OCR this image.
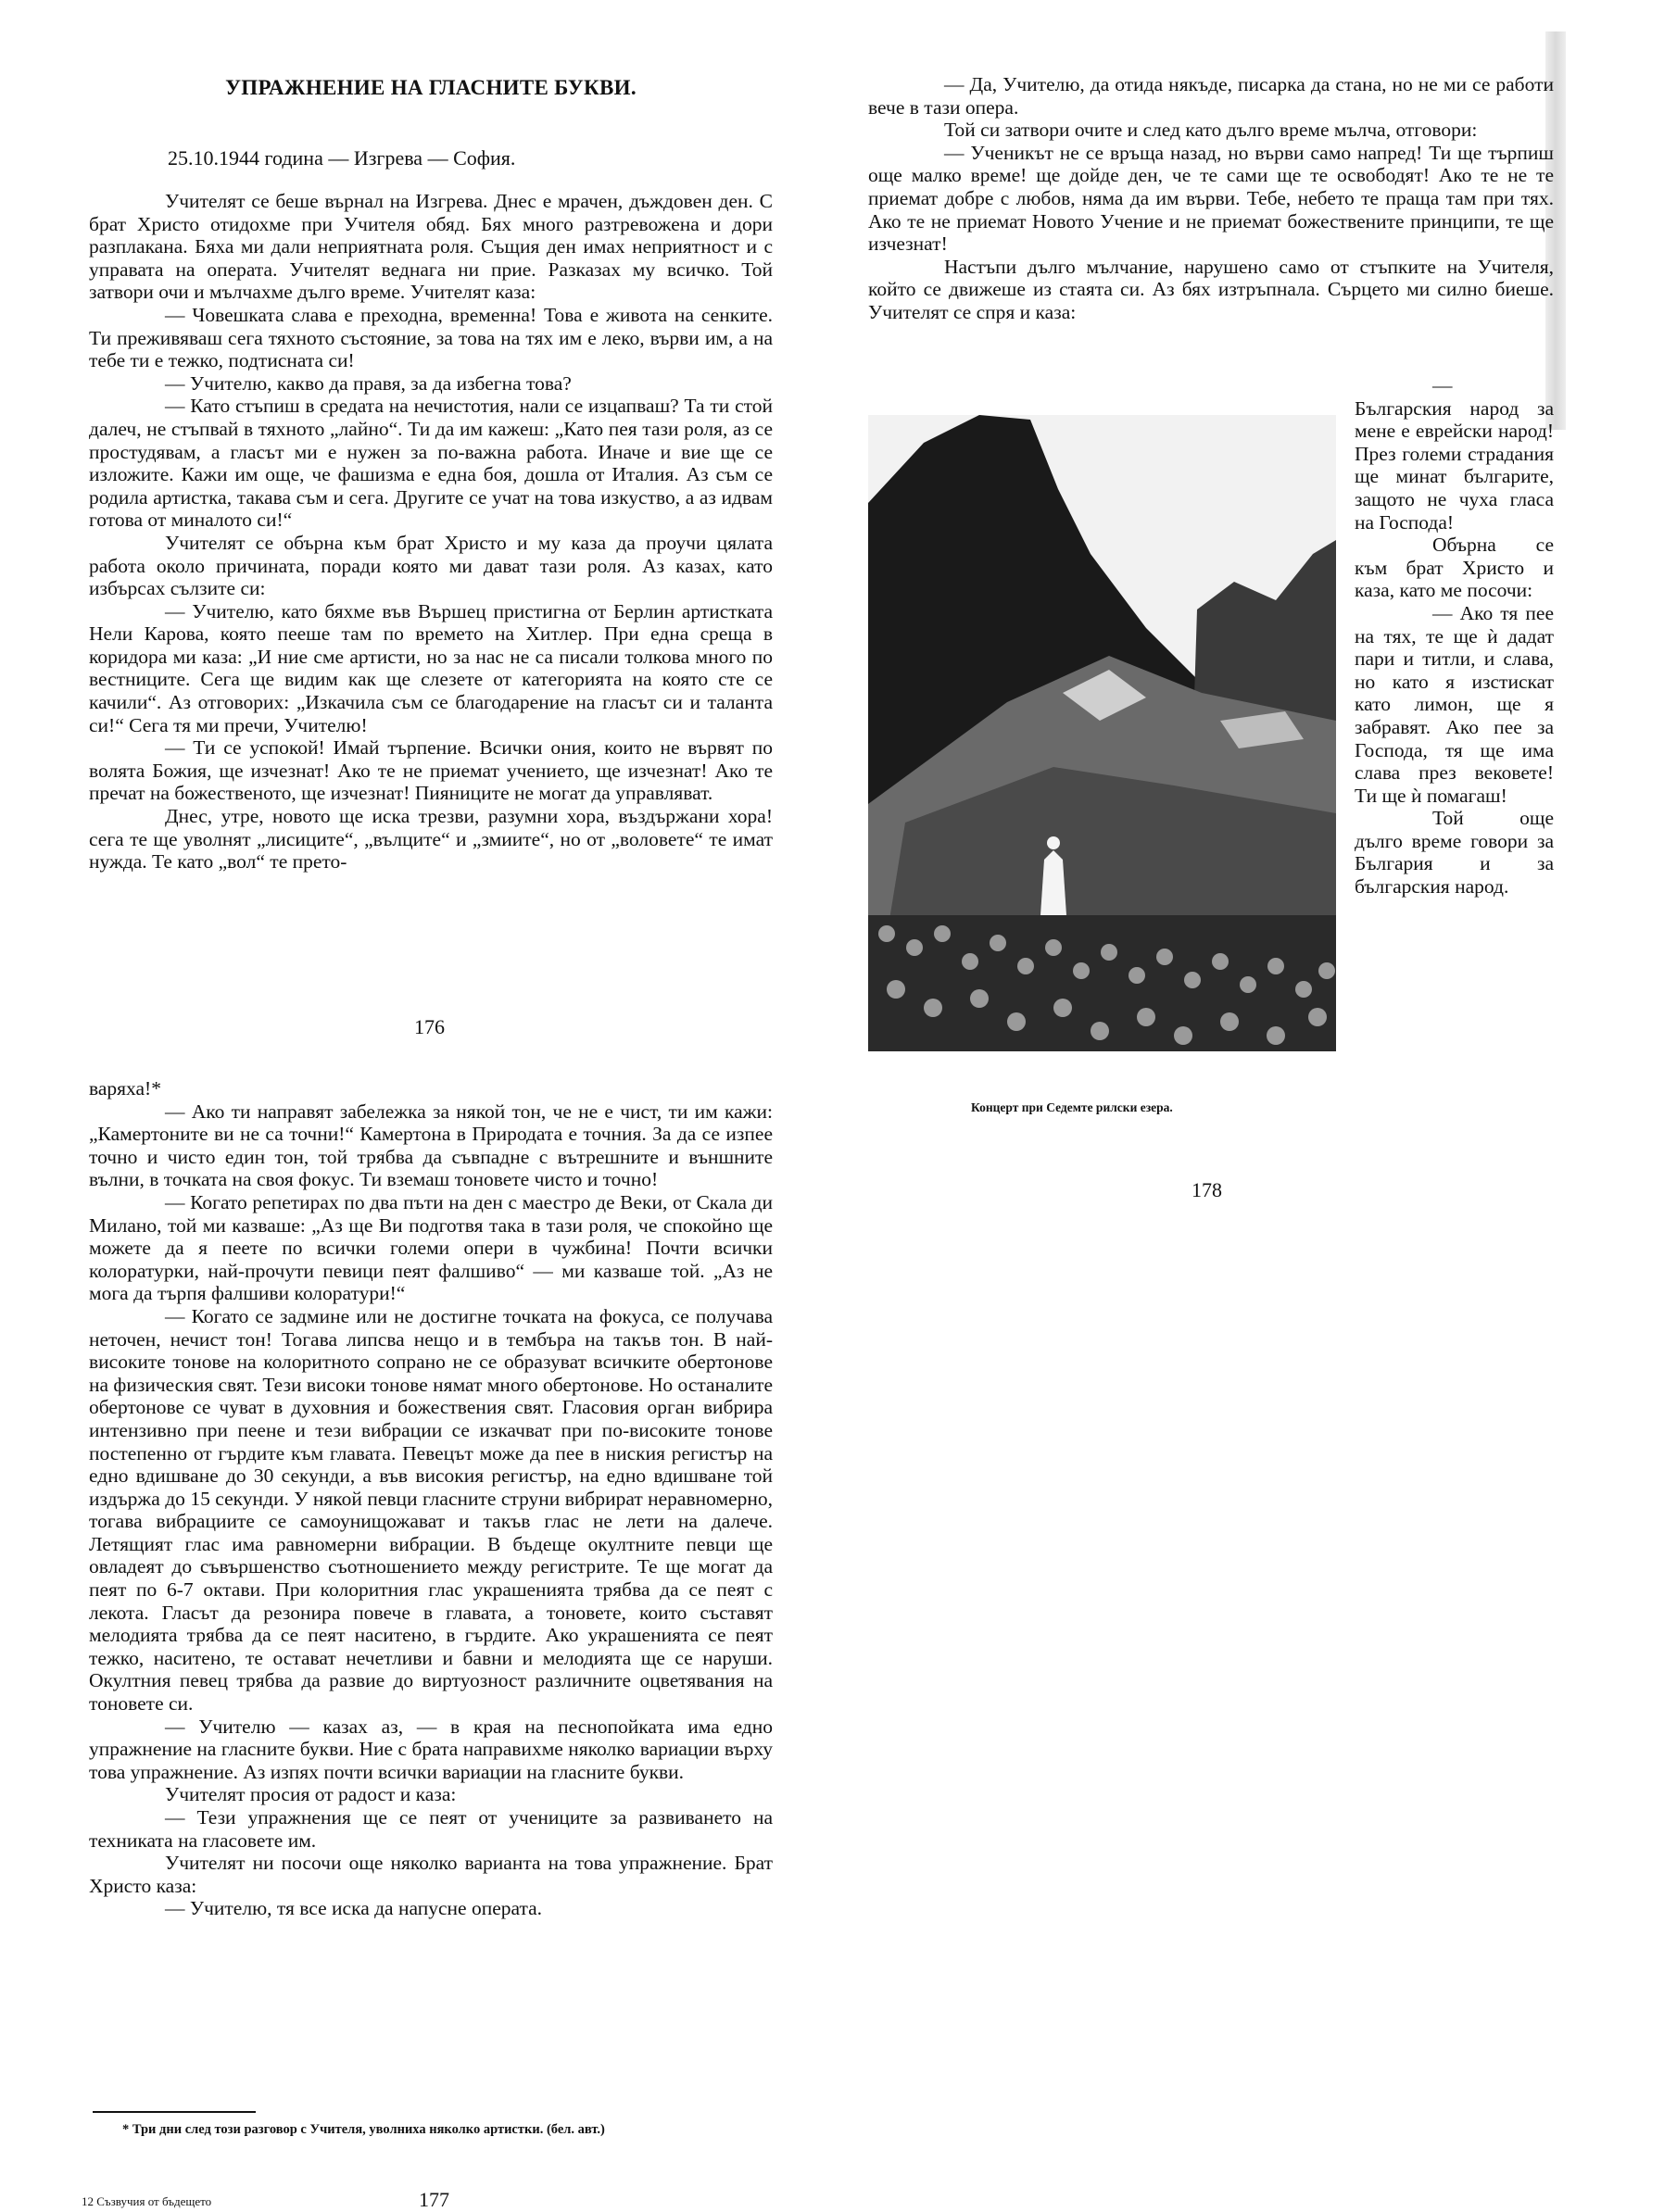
УПРАЖНЕНИЕ НА ГЛАСНИТЕ БУКВИ.
25.10.1944 година — Изгрева — София.

Учителят се беше върнал на Изгрева. Днес е мрачен, дъждовен ден. С брат Христо отидохме при Учителя обяд. Бях много разтревожена и дори разплакана. Бяха ми дали неприятната роля. Същия ден имах неприятност и с управата на операта. Учителят веднага ни прие. Разказах му всичко. Той затвори очи и мълчахме дълго време. Учителят каза:

— Човешката слава е преходна, временна! Това е живота на сенките. Ти преживяваш сега тяхното състояние, за това на тях им е леко, върви им, а на тебе ти е тежко, подтисната си!

— Учителю, какво да правя, за да избегна това?

— Като стъпиш в средата на нечистотия, нали се изцапваш? Та ти стой далеч, не стъпвай в тяхното „лайно“. Ти да им кажеш: „Като пея тази роля, аз се простудявам, а гласът ми е нужен за по-важна работа. Иначе и вие ще се изложите. Кажи им още, че фашизма е една боя, дошла от Италия. Аз съм се родила артистка, такава съм и сега. Другите се учат на това изкуство, а аз идвам готова от миналото си!“

Учителят се обърна към брат Христо и му каза да проучи цялата работа около причината, поради която ми дават тази роля. Аз казах, като избърсах сълзите си:

— Учителю, като бяхме във Вършец пристигна от Берлин артистката Нели Карова, която пееше там по времето на Хитлер. При една среща в коридора ми каза: „И ние сме артисти, но за нас не са писали толкова много по вестниците. Сега ще видим как ще слезете от категорията на която сте се качили“. Аз отговорих: „Изкачила съм се благодарение на гласът си и таланта си!“ Сега тя ми пречи, Учителю!

— Ти се успокой! Имай търпение. Всички ония, които не вървят по волята Божия, ще изчезнат! Ако те не приемат учението, ще изчезнат! Ако те пречат на божественото, ще изчезнат! Пияниците не могат да управляват.

Днес, утре, новото ще иска трезви, разумни хора, въздържани хора! сега те ще уволнят „лисиците“, „вълците“ и „змиите“, но от „воловете“ те имат нужда. Те като „вол“ те прето-

176

варяха!*

— Ако ти направят забележка за някой тон, че не е чист, ти им кажи: „Камертоните ви не са точни!“ Камертона в Природата е точния. За да се изпее точно и чисто един тон, той трябва да съвпадне с вътрешните и външните вълни, в точката на своя фокус. Ти вземаш тоновете чисто и точно!

— Когато репетирах по два пъти на ден с маестро де Веки, от Скала ди Милано, той ми казваше: „Аз ще Ви подготвя така в тази роля, че спокойно ще можете да я пеете по всички големи опери в чужбина! Почти всички колоратурки, най-прочути певици пеят фалшиво“ — ми казваше той. „Аз не мога да търпя фалшиви колоратури!“

— Когато се задмине или не достигне точката на фокуса, се получава неточен, нечист тон! Тогава липсва нещо и в тембъра на такъв тон. В най-високите тонове на колоритното сопрано не се образуват всичките обертонове на физическия свят. Тези високи тонове нямат много обертонове. Но останалите обертонове се чуват в духовния и божествения свят. Гласовия орган вибрира интензивно при пеене и тези вибрации се изкачват при по-високите тонове постепенно от гърдите към главата. Певецът може да пее в ниския регистър на едно вдишване до 30 секунди, а във високия регистър, на едно вдишване той издържа до 15 секунди. У някой певци гласните струни вибрират неравномерно, тогава вибрациите се самоунищожават и такъв глас не лети на далече. Летящият глас има равномерни вибрации. В бъдеще окултните певци ще овладеят до съвършенство съотношението между регистрите. Те ще могат да пеят по 6-7 октави. При колоритния глас украшенията трябва да се пеят с лекота. Гласът да резонира повече в главата, а тоновете, които съставят мелодията трябва да се пеят наситено, в гърдите. Ако украшенията се пеят тежко, наситено, те остават нечетливи и бавни и мелодията ще се наруши. Окултния певец трябва да развие до виртуозност различните оцветявания на тоновете си.

— Учителю — казах аз, — в края на песнопойката има едно упражнение на гласните букви. Ние с брата направихме няколко вариации върху това упражнение. Аз изпях почти всички вариации на гласните букви.

Учителят просия от радост и каза:

— Тези упражнения ще се пеят от учениците за развиването на техниката на гласовете им.

Учителят ни посочи още няколко варианта на това упражнение. Брат Христо каза:

— Учителю, тя все иска да напусне операта.

* Три дни след този разговор с Учителя, уволниха няколко артистки. (бел. авт.)
12 Съзвучия от бъдещето	177

— Да, Учителю, да отида някъде, писарка да стана, но не ми се работи вече в тази опера.

Той си затвори очите и след като дълго време мълча, отговори:

— Ученикът не се връща назад, но върви само напред! Ти ще търпиш още малко време! ще дойде ден, че те сами ще те освободят! Ако те не те приемат добре с любов, няма да им върви. Тебе, небето те праща там при тях. Ако те не приемат Новото Учение и не приемат божествените принципи, те ще изчезнат!

Настъпи дълго мълчание, нарушено само от стъпките на Учителя, който се движеше из стаята си. Аз бях изтръпнала. Сърцето ми силно биеше. Учителят се спря и каза:

— Българския народ за мене е еврейски народ! През големи страдания ще минат българите, защото не чуха гласа на Господа!

Обърна се към брат Христо и каза, като ме посочи:

— Ако тя пее на тях, те ще ѝ дадат пари и титли, и слава, но като я изстискат като лимон, ще я забравят. Ако пее за Господа, тя ще има слава през вековете! Ти ще ѝ помагаш!

Той още дълго време говори за България и за българския народ.

Концерт при Седемте рилски езера.
178
